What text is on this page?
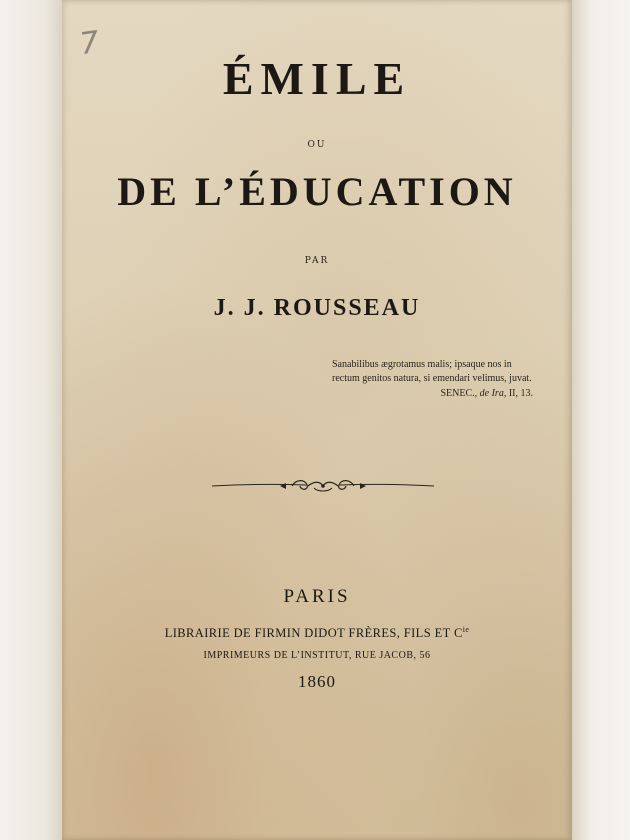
7
ÉMILE
OU
DE L’ÉDUCATION
PAR
J. J. ROUSSEAU
Sanabilibus ægrotamus malis; ipsaque nos in rectum genitos natura, si emendari velimus, juvat.
SENEC., de Ira, II, 13.
PARIS
LIBRAIRIE DE FIRMIN DIDOT FRÈRES, FILS ET $C^{ie}$
IMPRIMEURS DE L’INSTITUT, RUE JACOB, 56
1860
